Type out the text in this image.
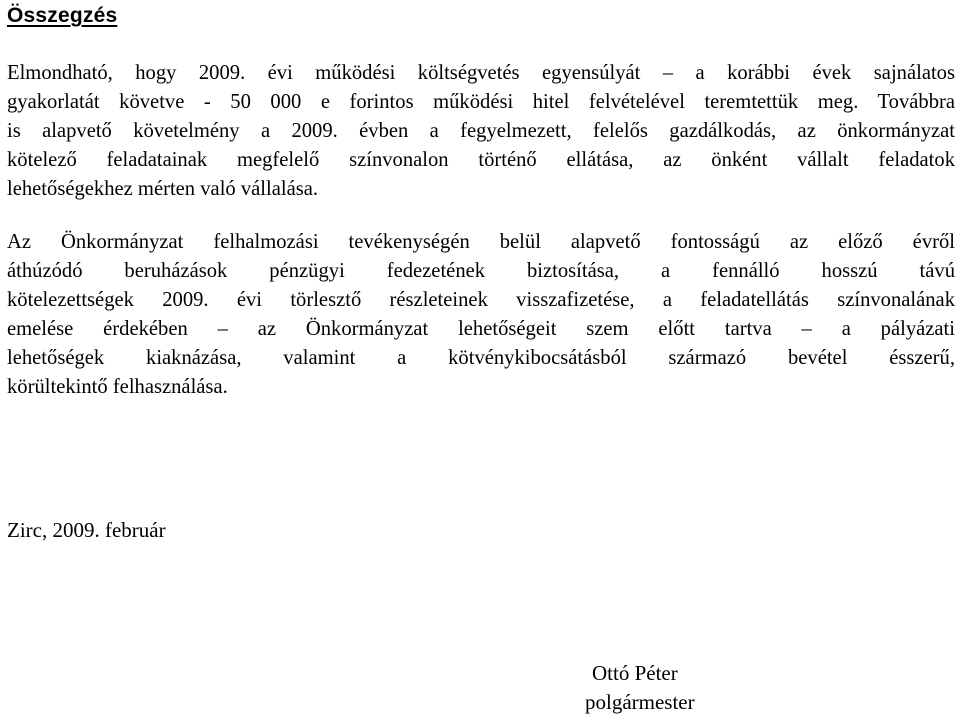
Összegzés

Elmondható, hogy 2009. évi működési költségvetés egyensúlyát – a korábbi évek sajnálatos
gyakorlatát követve - 50 000 e forintos működési hitel felvételével teremtettük meg. Továbbra
is alapvető követelmény a 2009. évben a fegyelmezett, felelős gazdálkodás, az önkormányzat
kötelező feladatainak megfelelő színvonalon történő ellátása, az önként vállalt feladatok
lehetőségekhez mérten való vállalása.

Az Önkormányzat felhalmozási tevékenységén belül alapvető fontosságú az előző évről
áthúzódó beruházások pénzügyi fedezetének biztosítása, a fennálló hosszú távú
kötelezettségek 2009. évi törlesztő részleteinek visszafizetése, a feladatellátás színvonalának
emelése érdekében – az Önkormányzat lehetőségeit szem előtt tartva – a pályázati
lehetőségek kiaknázása, valamint a kötvénykibocsátásból származó bevétel ésszerű,
körültekintő felhasználása.

Zirc, 2009. február
Ottó Péter
polgármester
